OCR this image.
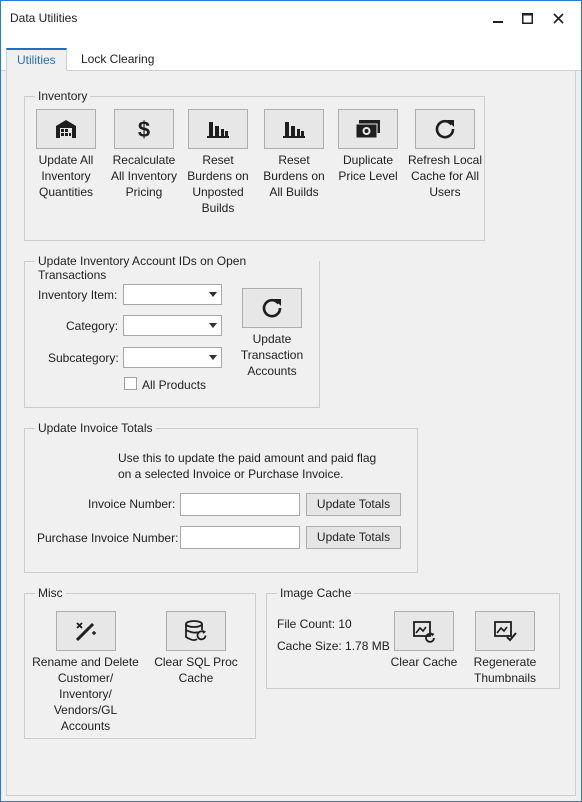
Data Utilities
Utilities	Lock Clearing
Inventory
Update All Inventory Quantities
$
Recalculate All Inventory Pricing
Reset Burdens on Unposted Builds
Reset Burdens on All Builds
Duplicate Price Level
Refresh Local Cache for All Users
Update Inventory Account IDs on Open Transactions
Inventory Item:
Category:
Subcategory:
All Products
Update Transaction Accounts
Update Invoice Totals
Use this to update the paid amount and paid flag on a selected Invoice or Purchase Invoice.
Invoice Number:	Update Totals
Purchase Invoice Number:	Update Totals
Misc
Rename and Delete Customer/ Inventory/ Vendors/GL Accounts
Clear SQL Proc Cache
Image Cache
File Count: 10
Cache Size: 1.78 MB
Clear Cache	Regenerate Thumbnails
